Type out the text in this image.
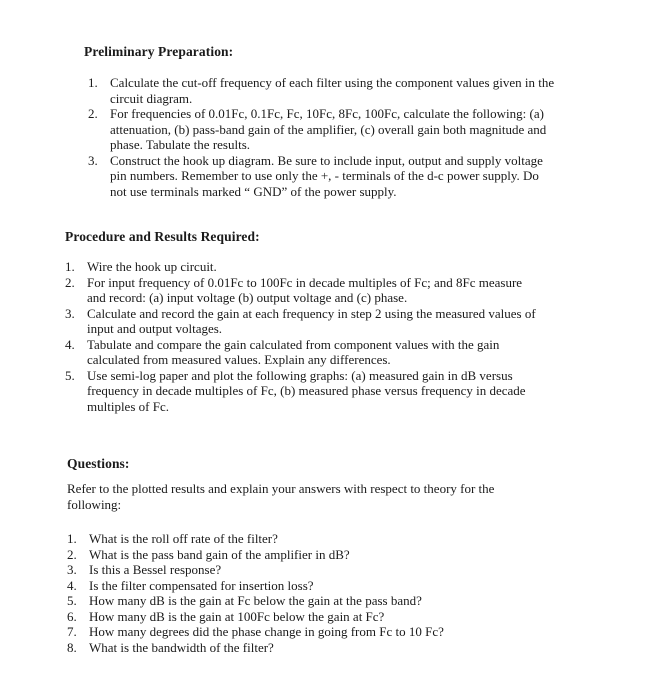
Preliminary Preparation:
1. Calculate the cut-off frequency of each filter using the component values given in the circuit diagram.
2. For frequencies of 0.01Fc, 0.1Fc, Fc, 10Fc, 8Fc, 100Fc, calculate the following: (a) attenuation, (b) pass-band gain of the amplifier, (c) overall gain both magnitude and phase. Tabulate the results.
3. Construct the hook up diagram. Be sure to include input, output and supply voltage pin numbers. Remember to use only the +, - terminals of the d-c power supply. Do not use terminals marked “ GND” of the power supply.
Procedure and Results Required:
1. Wire the hook up circuit.
2. For input frequency of 0.01Fc to 100Fc in decade multiples of Fc; and 8Fc measure and record: (a) input voltage (b) output voltage and (c) phase.
3. Calculate and record the gain at each frequency in step 2 using the measured values of input and output voltages.
4. Tabulate and compare the gain calculated from component values with the gain calculated from measured values. Explain any differences.
5. Use semi-log paper and plot the following graphs: (a) measured gain in dB versus frequency in decade multiples of Fc, (b) measured phase versus frequency in decade multiples of Fc.
Questions:
Refer to the plotted results and explain your answers with respect to theory for the following:
1. What is the roll off rate of the filter?
2. What is the pass band gain of the amplifier in dB?
3. Is this a Bessel response?
4. Is the filter compensated for insertion loss?
5. How many dB is the gain at Fc below the gain at the pass band?
6. How many dB is the gain at 100Fc below the gain at Fc?
7. How many degrees did the phase change in going from Fc to 10 Fc?
8. What is the bandwidth of the filter?
